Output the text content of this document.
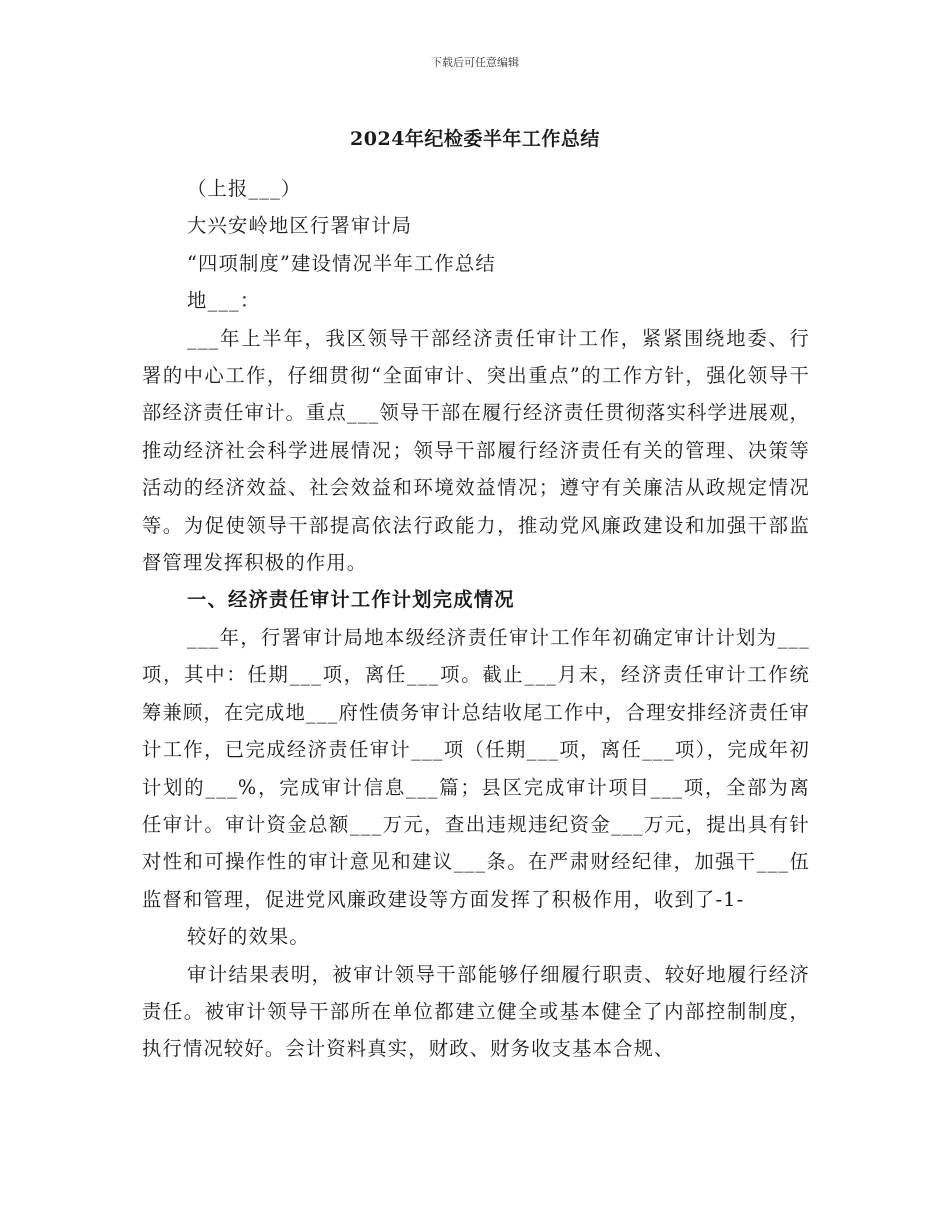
下载后可任意编辑
2024年纪检委半年工作总结

（上报___）

大兴安岭地区行署审计局

“四项制度”建设情况半年工作总结

地___：

___年上半年，我区领导干部经济责任审计工作，紧紧围绕地委、行署的中心工作，仔细贯彻“全面审计、突出重点”的工作方针，强化领导干部经济责任审计。重点___领导干部在履行经济责任贯彻落实科学进展观，推动经济社会科学进展情况；领导干部履行经济责任有关的管理、决策等活动的经济效益、社会效益和环境效益情况；遵守有关廉洁从政规定情况等。为促使领导干部提高依法行政能力，推动党风廉政建设和加强干部监督管理发挥积极的作用。

一、经济责任审计工作计划完成情况

___年，行署审计局地本级经济责任审计工作年初确定审计计划为___项，其中：任期___项，离任___项。截止___月末，经济责任审计工作统筹兼顾，在完成地___府性债务审计总结收尾工作中，合理安排经济责任审计工作，已完成经济责任审计___项（任期___项，离任___项），完成年初计划的___%，完成审计信息___篇；县区完成审计项目___项，全部为离任审计。审计资金总额___万元，查出违规违纪资金___万元，提出具有针对性和可操作性的审计意见和建议___条。在严肃财经纪律，加强干___伍监督和管理，促进党风廉政建设等方面发挥了积极作用，收到了-1-

较好的效果。

审计结果表明，被审计领导干部能够仔细履行职责、较好地履行经济责任。被审计领导干部所在单位都建立健全或基本健全了内部控制制度，执行情况较好。会计资料真实，财政、财务收支基本合规、
